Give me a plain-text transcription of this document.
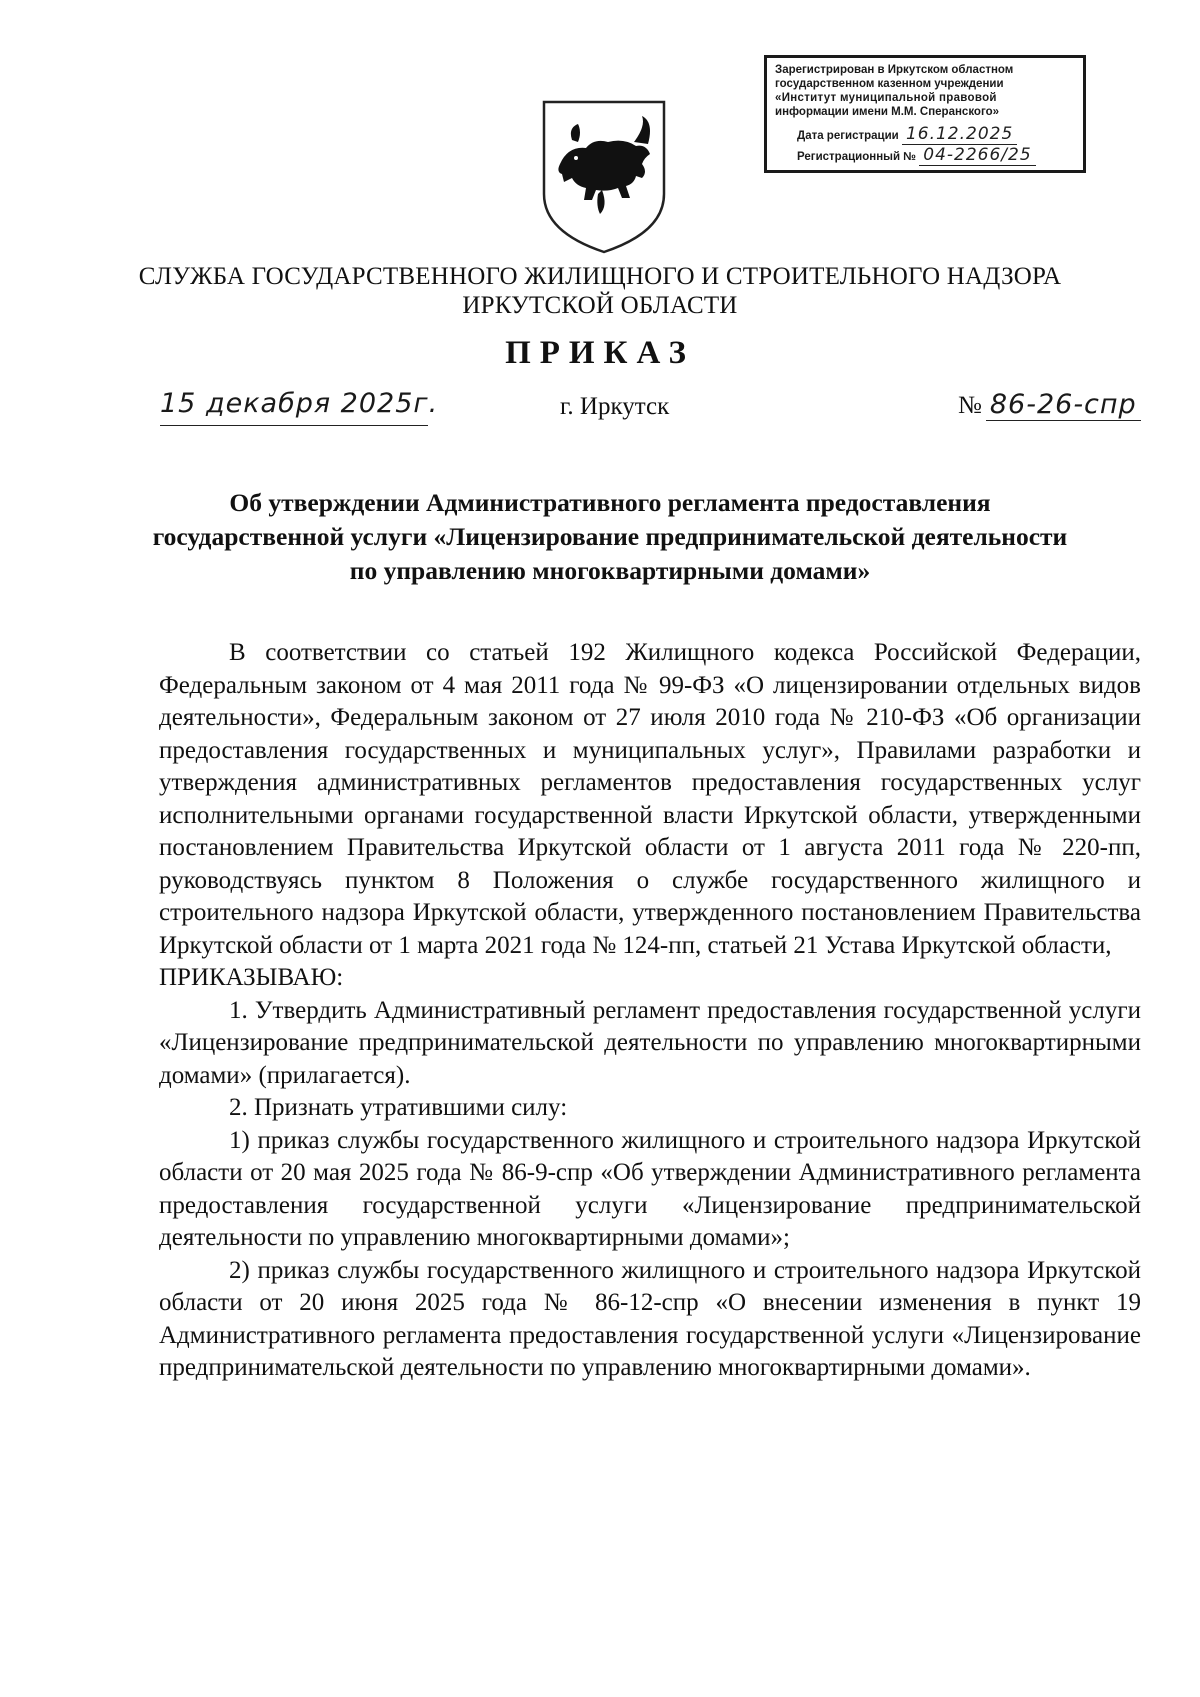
Зарегистрирован в Иркутском областном
государственном казенном учреждении
«Институт муниципальной правовой
информации имени М.М. Сперанского»
Дата регистрации 16.12.2025
Регистрационный № 04-2266/25
СЛУЖБА ГОСУДАРСТВЕННОГО ЖИЛИЩНОГО И СТРОИТЕЛЬНОГО НАДЗОРА
ИРКУТСКОЙ ОБЛАСТИ
ПРИКАЗ
15 декабря 2025г.	г. Иркутск	№ 86-26-спр
Об утверждении Административного регламента предоставления государственной услуги «Лицензирование предпринимательской деятельности по управлению многоквартирными домами»

В соответствии со статьей 192 Жилищного кодекса Российской Федерации, Федеральным законом от 4 мая 2011 года № 99-ФЗ «О лицензировании отдельных видов деятельности», Федеральным законом от 27 июля 2010 года № 210-ФЗ «Об организации предоставления государственных и муниципальных услуг», Правилами разработки и утверждения административных регламентов предоставления государственных услуг исполнительными органами государственной власти Иркутской области, утвержденными постановлением Правительства Иркутской области от 1 августа 2011 года № 220-пп, руководствуясь пунктом 8 Положения о службе государственного жилищного и строительного надзора Иркутской области, утвержденного постановлением Правительства Иркутской области от 1 марта 2021 года № 124-пп, статьей 21 Устава Иркутской области,

ПРИКАЗЫВАЮ:

1. Утвердить Административный регламент предоставления государственной услуги «Лицензирование предпринимательской деятельности по управлению многоквартирными домами» (прилагается).

2. Признать утратившими силу:

1) приказ службы государственного жилищного и строительного надзора Иркутской области от 20 мая 2025 года № 86-9-спр «Об утверждении Административного регламента предоставления государственной услуги «Лицензирование предпринимательской деятельности по управлению многоквартирными домами»;

2) приказ службы государственного жилищного и строительного надзора Иркутской области от 20 июня 2025 года № 86-12-спр «О внесении изменения в пункт 19 Административного регламента предоставления государственной услуги «Лицензирование предпринимательской деятельности по управлению многоквартирными домами».
